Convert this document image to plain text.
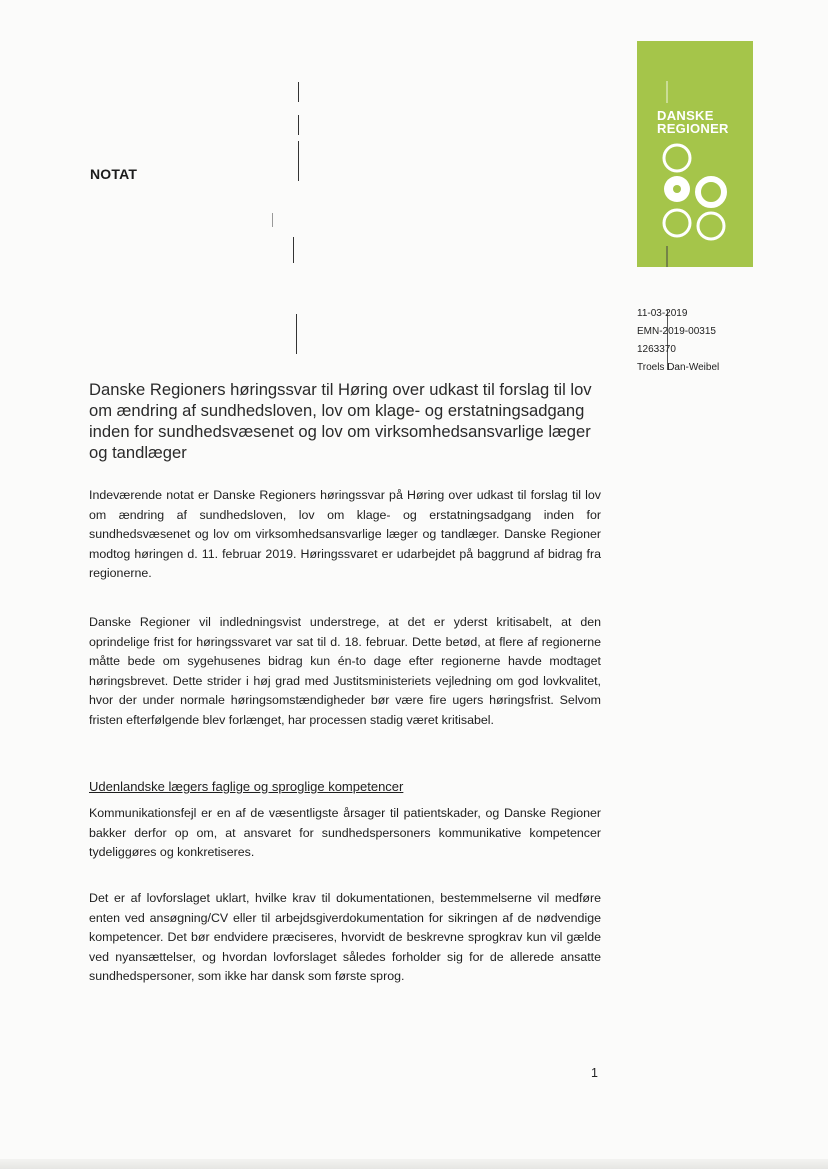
NOTAT
DANSKE
REGIONER
11-03-2019
EMN-2019-00315
1263370
Troels Dan-Weibel
Danske Regioners høringssvar til Høring over udkast til forslag til lov om ændring af sundhedsloven, lov om klage- og erstatningsadgang inden for sundhedsvæsenet og lov om virksomhedsansvarlige læger og tandlæger

Indeværende notat er Danske Regioners høringssvar på Høring over udkast til forslag til lov om ændring af sundhedsloven, lov om klage- og erstatningsadgang inden for sundhedsvæsenet og lov om virksomhedsansvarlige læger og tandlæger. Danske Regioner modtog høringen d. 11. februar 2019. Høringssvaret er udarbejdet på baggrund af bidrag fra regionerne.

Danske Regioner vil indledningsvist understrege, at det er yderst kritisabelt, at den oprindelige frist for høringssvaret var sat til d. 18. februar. Dette betød, at flere af regionerne måtte bede om sygehusenes bidrag kun én-to dage efter regionerne havde modtaget høringsbrevet. Dette strider i høj grad med Justitsministeriets vejledning om god lovkvalitet, hvor der under normale høringsomstændigheder bør være fire ugers høringsfrist. Selvom fristen efterfølgende blev forlænget, har processen stadig været kritisabel.

Udenlandske lægers faglige og sproglige kompetencer

Kommunikationsfejl er en af de væsentligste årsager til patientskader, og Danske Regioner bakker derfor op om, at ansvaret for sundhedspersoners kommunikative kompetencer tydeliggøres og konkretiseres.

Det er af lovforslaget uklart, hvilke krav til dokumentationen, bestemmelserne vil medføre enten ved ansøgning/CV eller til arbejdsgiverdokumentation for sikringen af de nødvendige kompetencer. Det bør endvidere præciseres, hvorvidt de beskrevne sprogkrav kun vil gælde ved nyansættelser, og hvordan lovforslaget således forholder sig for de allerede ansatte sundhedspersoner, som ikke har dansk som første sprog.

1
